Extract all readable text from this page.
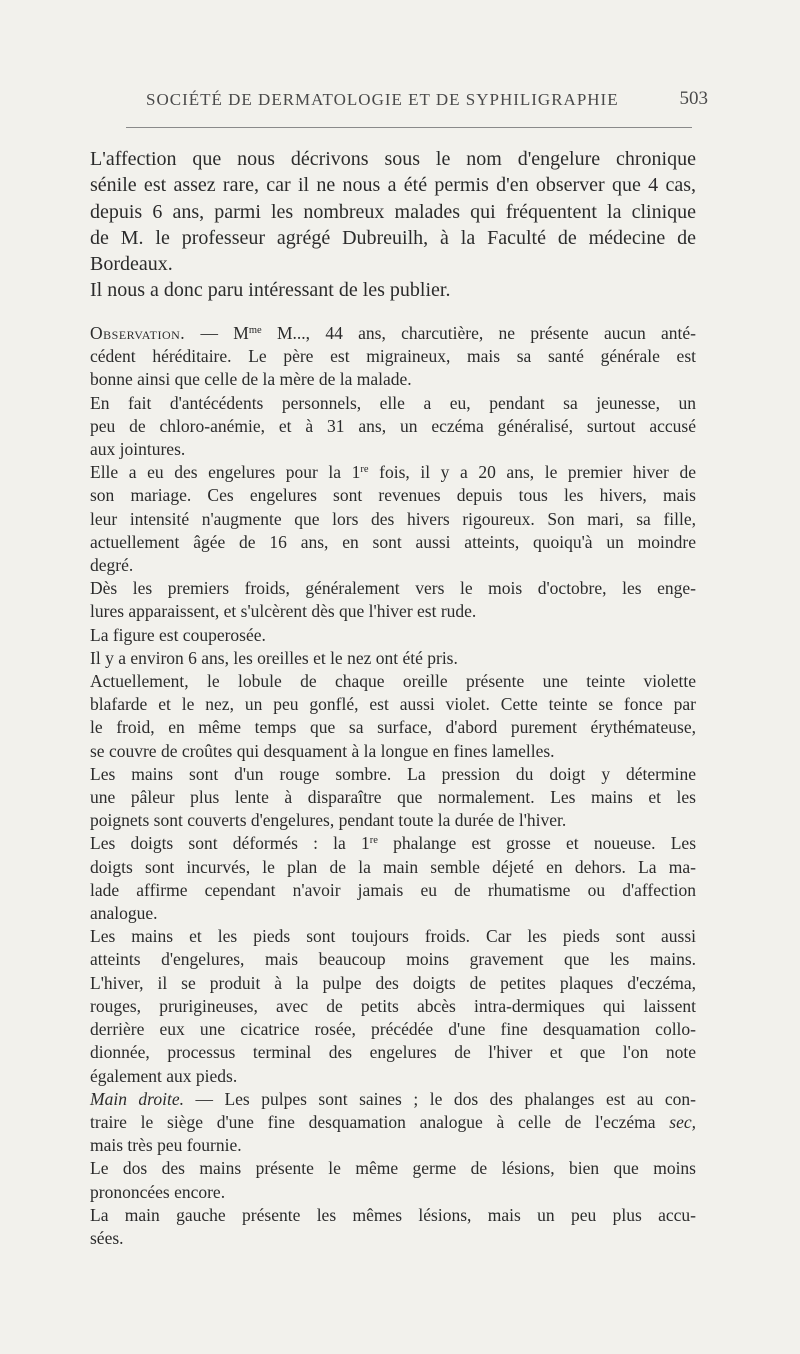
SOCIÉTÉ DE DERMATOLOGIE ET DE SYPHILIGRAPHIE	503
L'affection que nous décrivons sous le nom d'engelure chronique
sénile est assez rare, car il ne nous a été permis d'en observer que 4 cas,
depuis 6 ans, parmi les nombreux malades qui fréquentent la clinique
de M. le professeur agrégé Dubreuilh, à la Faculté de médecine de
Bordeaux.
Il nous a donc paru intéressant de les publier.
Observation. — $M^{me}$ M..., 44 ans, charcutière, ne présente aucun anté-
cédent héréditaire. Le père est migraineux, mais sa santé générale est
bonne ainsi que celle de la mère de la malade.
En fait d'antécédents personnels, elle a eu, pendant sa jeunesse, un
peu de chloro-anémie, et à 31 ans, un eczéma généralisé, surtout accusé
aux jointures.
Elle a eu des engelures pour la 1re fois, il y a 20 ans, le premier hiver de
son mariage. Ces engelures sont revenues depuis tous les hivers, mais
leur intensité n'augmente que lors des hivers rigoureux. Son mari, sa fille,
actuellement âgée de 16 ans, en sont aussi atteints, quoiqu'à un moindre
degré.
Dès les premiers froids, généralement vers le mois d'octobre, les enge-
lures apparaissent, et s'ulcèrent dès que l'hiver est rude.
La figure est couperosée.
Il y a environ 6 ans, les oreilles et le nez ont été pris.
Actuellement, le lobule de chaque oreille présente une teinte violette
blafarde et le nez, un peu gonflé, est aussi violet. Cette teinte se fonce par
le froid, en même temps que sa surface, d'abord purement érythémateuse,
se couvre de croûtes qui desquament à la longue en fines lamelles.
Les mains sont d'un rouge sombre. La pression du doigt y détermine
une pâleur plus lente à disparaître que normalement. Les mains et les
poignets sont couverts d'engelures, pendant toute la durée de l'hiver.
Les doigts sont déformés : la 1re phalange est grosse et noueuse. Les
doigts sont incurvés, le plan de la main semble déjeté en dehors. La ma-
lade affirme cependant n'avoir jamais eu de rhumatisme ou d'affection
analogue.
Les mains et les pieds sont toujours froids. Car les pieds sont aussi
atteints d'engelures, mais beaucoup moins gravement que les mains.
L'hiver, il se produit à la pulpe des doigts de petites plaques d'eczéma,
rouges, prurigineuses, avec de petits abcès intra-dermiques qui laissent
derrière eux une cicatrice rosée, précédée d'une fine desquamation collo-
dionnée, processus terminal des engelures de l'hiver et que l'on note
également aux pieds.
Main droite. — Les pulpes sont saines ; le dos des phalanges est au con-
traire le siège d'une fine desquamation analogue à celle de l'eczéma sec,
mais très peu fournie.
Le dos des mains présente le même germe de lésions, bien que moins
prononcées encore.
La main gauche présente les mêmes lésions, mais un peu plus accu-
sées.
